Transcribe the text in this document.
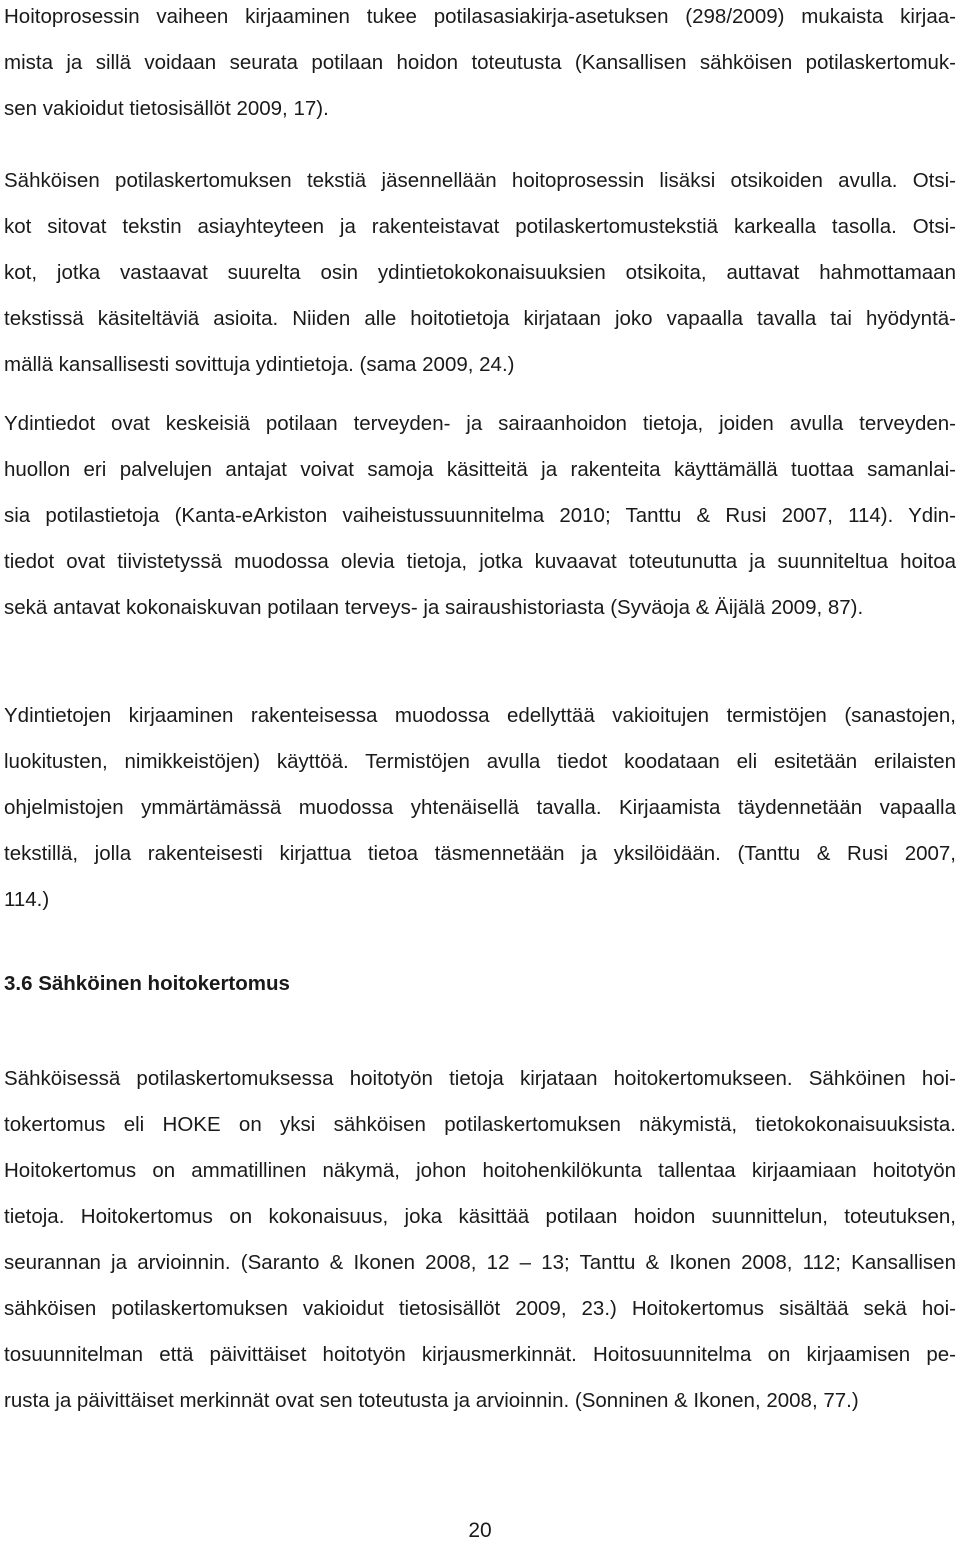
Hoitoprosessin vaiheen kirjaaminen tukee potilasasiakirja-asetuksen (298/2009) mukaista kirjaa-
mista ja sillä voidaan seurata potilaan hoidon toteutusta (Kansallisen sähköisen potilaskertomuk-
sen vakioidut tietosisällöt 2009, 17).
Sähköisen potilaskertomuksen tekstiä jäsennellään hoitoprosessin lisäksi otsikoiden avulla. Otsi-
kot sitovat tekstin asiayhteyteen ja rakenteistavat potilaskertomustekstiä karkealla tasolla. Otsi-
kot, jotka vastaavat suurelta osin ydintietokokonaisuuksien otsikoita, auttavat hahmottamaan
tekstissä käsiteltäviä asioita. Niiden alle hoitotietoja kirjataan joko vapaalla tavalla tai hyödyntä-
mällä kansallisesti sovittuja ydintietoja. (sama 2009, 24.)
Ydintiedot ovat keskeisiä potilaan terveyden- ja sairaanhoidon tietoja, joiden avulla terveyden-
huollon eri palvelujen antajat voivat samoja käsitteitä ja rakenteita käyttämällä tuottaa samanlai-
sia potilastietoja (Kanta-eArkiston vaiheistussuunnitelma 2010; Tanttu & Rusi 2007, 114). Ydin-
tiedot ovat tiivistetyssä muodossa olevia tietoja, jotka kuvaavat toteutunutta ja suunniteltua hoitoa
sekä antavat kokonaiskuvan potilaan terveys- ja sairaushistoriasta (Syväoja & Äijälä 2009, 87).
Ydintietojen kirjaaminen rakenteisessa muodossa edellyttää vakioitujen termistöjen (sanastojen,
luokitusten, nimikkeistöjen) käyttöä. Termistöjen avulla tiedot koodataan eli esitetään erilaisten
ohjelmistojen ymmärtämässä muodossa yhtenäisellä tavalla. Kirjaamista täydennetään vapaalla
tekstillä, jolla rakenteisesti kirjattua tietoa täsmennetään ja yksilöidään. (Tanttu & Rusi 2007,
114.)
3.6 Sähköinen hoitokertomus
Sähköisessä potilaskertomuksessa hoitotyön tietoja kirjataan hoitokertomukseen. Sähköinen hoi-
tokertomus eli HOKE on yksi sähköisen potilaskertomuksen näkymistä, tietokokonaisuuksista.
Hoitokertomus on ammatillinen näkymä, johon hoitohenkilökunta tallentaa kirjaamiaan hoitotyön
tietoja. Hoitokertomus on kokonaisuus, joka käsittää potilaan hoidon suunnittelun, toteutuksen,
seurannan ja arvioinnin. (Saranto & Ikonen 2008, 12 – 13; Tanttu & Ikonen 2008, 112; Kansallisen
sähköisen potilaskertomuksen vakioidut tietosisällöt 2009, 23.) Hoitokertomus sisältää sekä hoi-
tosuunnitelman että päivittäiset hoitotyön kirjausmerkinnät. Hoitosuunnitelma on kirjaamisen pe-
rusta ja päivittäiset merkinnät ovat sen toteutusta ja arvioinnin. (Sonninen & Ikonen, 2008, 77.)
20
